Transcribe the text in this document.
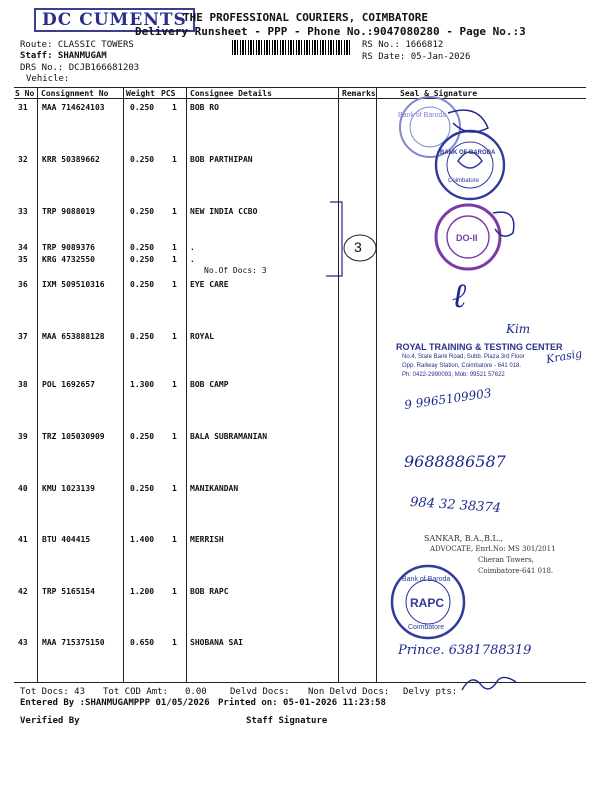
DC CUMENTS
THE PROFESSIONAL COURIERS, COIMBATORE
Delivery Runsheet - PPP - Phone No.:9047080280 - Page No.:3
Route: CLASSIC TOWERS
Staff: SHANMUGAM
DRS No.: DCJB166681203
Vehicle:
RS No.: 1666812
RS Date: 05-Jan-2026
S No Consignment No Weight PCS Consignee Details	Remarks	Seal & Signature
31 MAA 714624103	0.250 1 BOB RO
32 KRR 50389662	0.250 1 BOB PARTHIPAN
33 TRP 9088019	0.250 1 NEW INDIA CCBO
34 TRP 9089376	0.250 1 .
35 KRG 4732550	0.250 1 .
No.Of Docs: 3
36 IXM 509510316	0.250 1 EYE CARE
37 MAA 653888128	0.250 1 ROYAL
38 POL 1692657	1.300 1 BOB CAMP
39 TRZ 105030909	0.250 1 BALA SUBRAMANIAN
40 KMU 1023139	0.250 1 MANIKANDAN
41 BTU 404415	1.400 1 MERRISH
42 TRP 5165154	1.200 1 BOB RAPC
43 MAA 715375150	0.650 1 SHOBANA SAI
3
Bank of Baroda
BANK OF BARODA
Coimbatore
DO-II
ROYAL TRAINING & TESTING CENTER
No.4, State Bank Road, Subb. Plaza 3rd Floor
Opp. Railway Station, Coimbatore - 641 018.
Ph: 0422-2990093, Mob: 99521 57622
SANKAR, B.A.,B.L.,
ADVOCATE, Enrl.No: MS 301/2011
Cheran Towers,
Coimbatore-641 018.
Bank of Baroda
RAPC
Coimbatore
ℓ
Kim
Krasig
9 9965109903
9688886587
984 32 38374
Prince. 6381788319
Tot Docs: 43 Tot COD Amt: 0.00	Delvd Docs: Non Delvd Docs: Delvy pts:
Entered By :SHANMUGAMPPP 01/05/2026 Printed on: 05-01-2026 11:23:58
Verified By	Staff Signature
